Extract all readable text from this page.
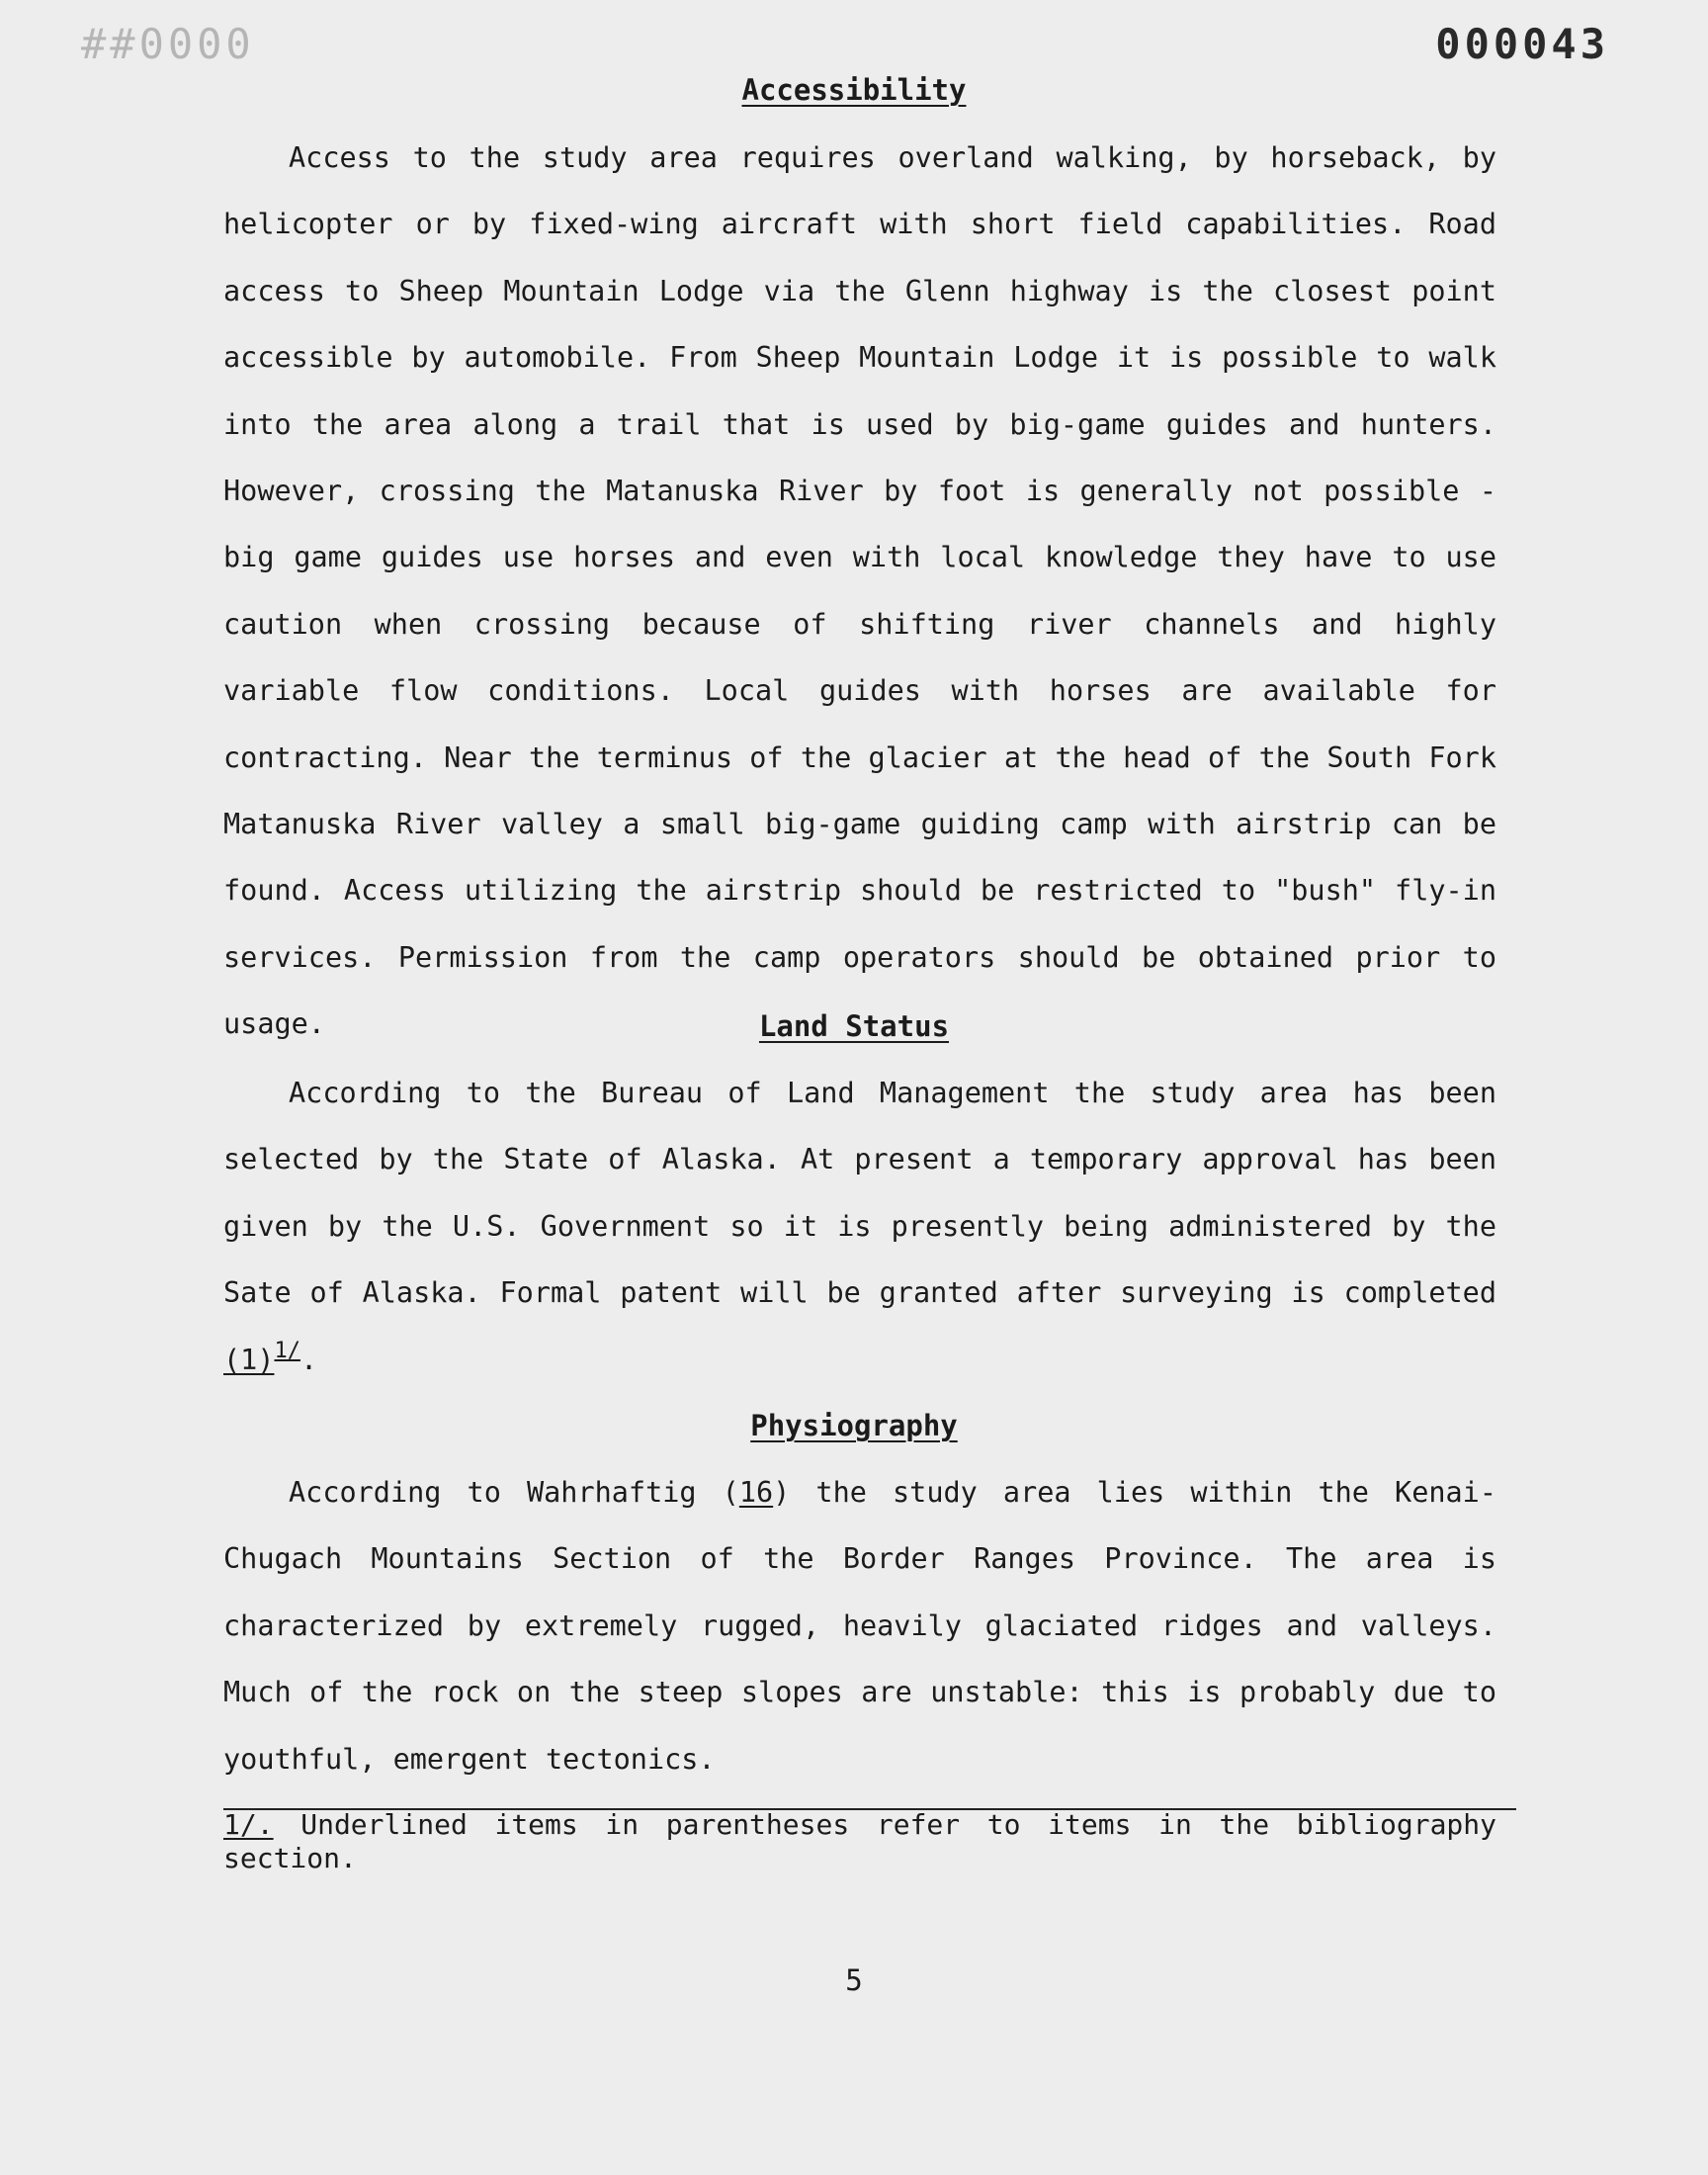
##0000	000043
Accessibility

Access to the study area requires overland walking, by horseback, by helicopter or by fixed-wing aircraft with short field capabilities. Road access to Sheep Mountain Lodge via the Glenn highway is the closest point accessible by automobile. From Sheep Mountain Lodge it is possible to walk into the area along a trail that is used by big-game guides and hunters. However, crossing the Matanuska River by foot is generally not possible - big game guides use horses and even with local knowledge they have to use caution when crossing because of shifting river channels and highly variable flow conditions. Local guides with horses are available for contracting. Near the terminus of the glacier at the head of the South Fork Matanuska River valley a small big-game guiding camp with airstrip can be found. Access utilizing the airstrip should be restricted to "bush" fly-in services. Permission from the camp operators should be obtained prior to usage.	Land Status

According to the Bureau of Land Management the study area has been selected by the State of Alaska. At present a temporary approval has been given by the U.S. Government so it is presently being administered by the Sate of Alaska. Formal patent will be granted after surveying is completed $(1)^{1/}$.

Physiography

According to Wahrhaftig (16) the study area lies within the Kenai-Chugach Mountains Section of the Border Ranges Province. The area is characterized by extremely rugged, heavily glaciated ridges and valleys. Much of the rock on the steep slopes are unstable: this is probably due to youthful, emergent tectonics.

1/. Underlined items in parentheses refer to items in the bibliography section.

5
